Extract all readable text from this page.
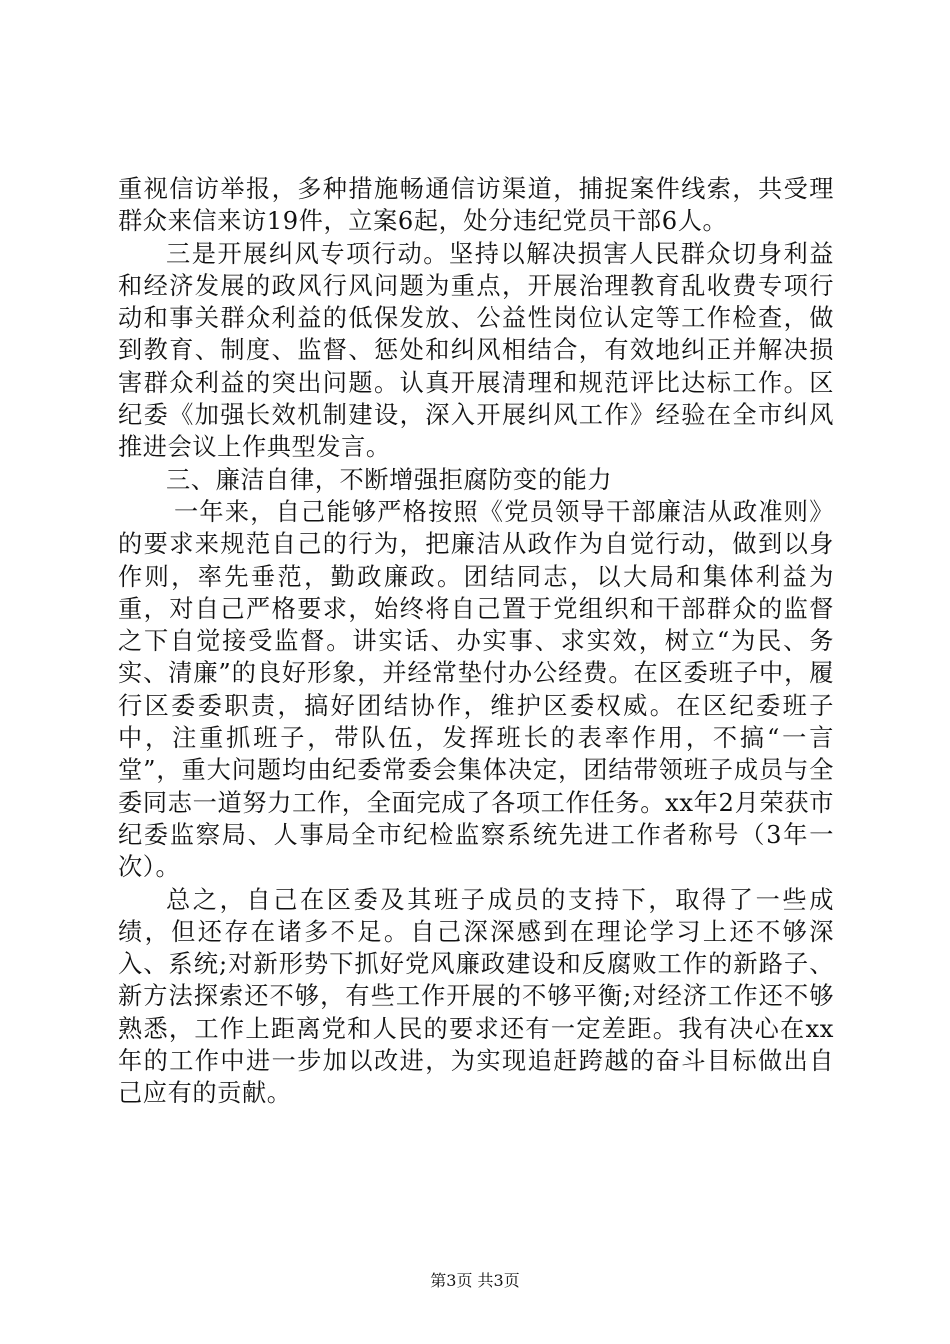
重视信访举报，多种措施畅通信访渠道，捕捉案件线索，共受理群众来信来访19件，立案6起，处分违纪党员干部6人。

三是开展纠风专项行动。坚持以解决损害人民群众切身利益和经济发展的政风行风问题为重点，开展治理教育乱收费专项行动和事关群众利益的低保发放、公益性岗位认定等工作检查，做到教育、制度、监督、惩处和纠风相结合，有效地纠正并解决损害群众利益的突出问题。认真开展清理和规范评比达标工作。区纪委《加强长效机制建设，深入开展纠风工作》经验在全市纠风推进会议上作典型发言。

三、廉洁自律，不断增强拒腐防变的能力

一年来，自己能够严格按照《党员领导干部廉洁从政准则》的要求来规范自己的行为，把廉洁从政作为自觉行动，做到以身作则，率先垂范，勤政廉政。团结同志，以大局和集体利益为重，对自己严格要求，始终将自己置于党组织和干部群众的监督之下自觉接受监督。讲实话、办实事、求实效，树立“为民、务实、清廉”的良好形象，并经常垫付办公经费。在区委班子中，履行区委委职责，搞好团结协作，维护区委权威。在区纪委班子中，注重抓班子，带队伍，发挥班长的表率作用，不搞“一言堂”，重大问题均由纪委常委会集体决定，团结带领班子成员与全委同志一道努力工作，全面完成了各项工作任务。xx年2月荣获市纪委监察局、人事局全市纪检监察系统先进工作者称号（3年一次）。

总之，自己在区委及其班子成员的支持下，取得了一些成绩，但还存在诸多不足。自己深深感到在理论学习上还不够深入、系统;对新形势下抓好党风廉政建设和反腐败工作的新路子、新方法探索还不够，有些工作开展的不够平衡;对经济工作还不够熟悉，工作上距离党和人民的要求还有一定差距。我有决心在xx年的工作中进一步加以改进，为实现追赶跨越的奋斗目标做出自己应有的贡献。

第3页 共3页
